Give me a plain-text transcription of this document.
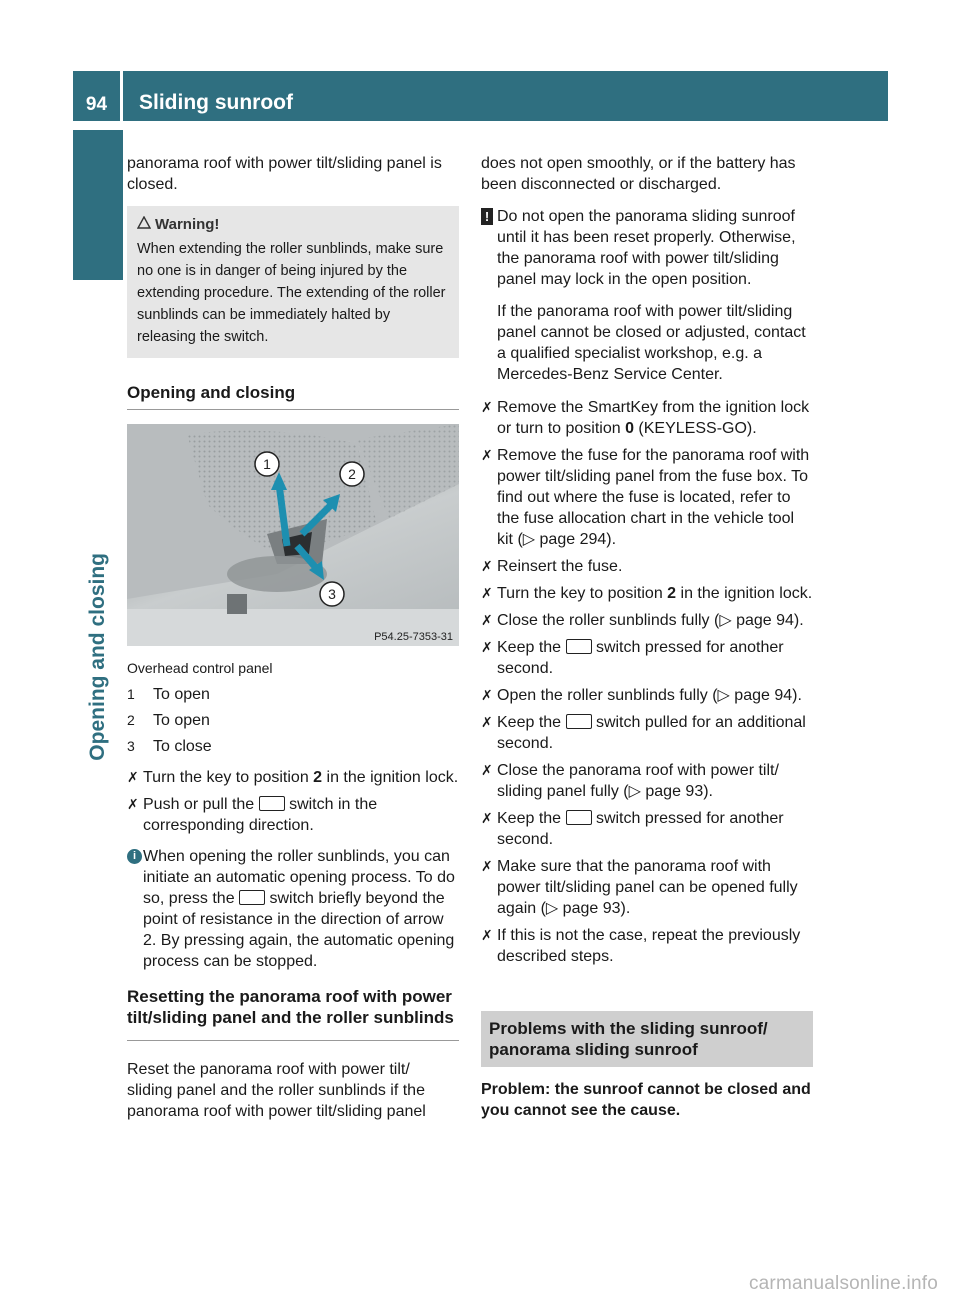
94	Sliding sunroof
Opening and closing

panorama roof with power tilt/sliding panel is closed.

Warning!
When extending the roller sunblinds, make sure no one is in danger of being injured by the extending procedure. The extending of the roller sunblinds can be immediately halted by releasing the switch.
Opening and closing
1
2
3
P54.25-7353-31
Overhead control panel
1 To open
2 To open
3 To close
✗ Turn the key to position 2 in the ignition lock.
✗ Push or pull the  switch in the corresponding direction.
i When opening the roller sunblinds, you can initiate an automatic opening process. To do so, press the  switch briefly beyond the point of resistance in the direction of arrow 2. By pressing again, the automatic opening process can be stopped.
Resetting the panorama roof with power tilt/sliding panel and the roller sunblinds

Reset the panorama roof with power tilt/ sliding panel and the roller sunblinds if the panorama roof with power tilt/sliding panel

does not open smoothly, or if the battery has been disconnected or discharged.

! Do not open the panorama sliding sunroof until it has been reset properly. Otherwise, the panorama roof with power tilt/sliding panel may lock in the open position.

If the panorama roof with power tilt/sliding panel cannot be closed or adjusted, contact a qualified specialist workshop, e.g. a Mercedes-Benz Service Center.

✗ Remove the SmartKey from the ignition lock or turn to position 0 (KEYLESS-GO).
✗ Remove the fuse for the panorama roof with power tilt/sliding panel from the fuse box. To find out where the fuse is located, refer to the fuse allocation chart in the vehicle tool kit (▷ page 294).
✗ Reinsert the fuse.
✗ Turn the key to position 2 in the ignition lock.
✗ Close the roller sunblinds fully (▷ page 94).
✗ Keep the  switch pressed for another second.
✗ Open the roller sunblinds fully (▷ page 94).
✗ Keep the  switch pulled for an additional second.
✗ Close the panorama roof with power tilt/ sliding panel fully (▷ page 93).
✗ Keep the  switch pressed for another second.
✗ Make sure that the panorama roof with power tilt/sliding panel can be opened fully again (▷ page 93).
✗ If this is not the case, repeat the previously described steps.
Problems with the sliding sunroof/ panorama sliding sunroof
Problem: the sunroof cannot be closed and you cannot see the cause.
carmanualsonline.info
